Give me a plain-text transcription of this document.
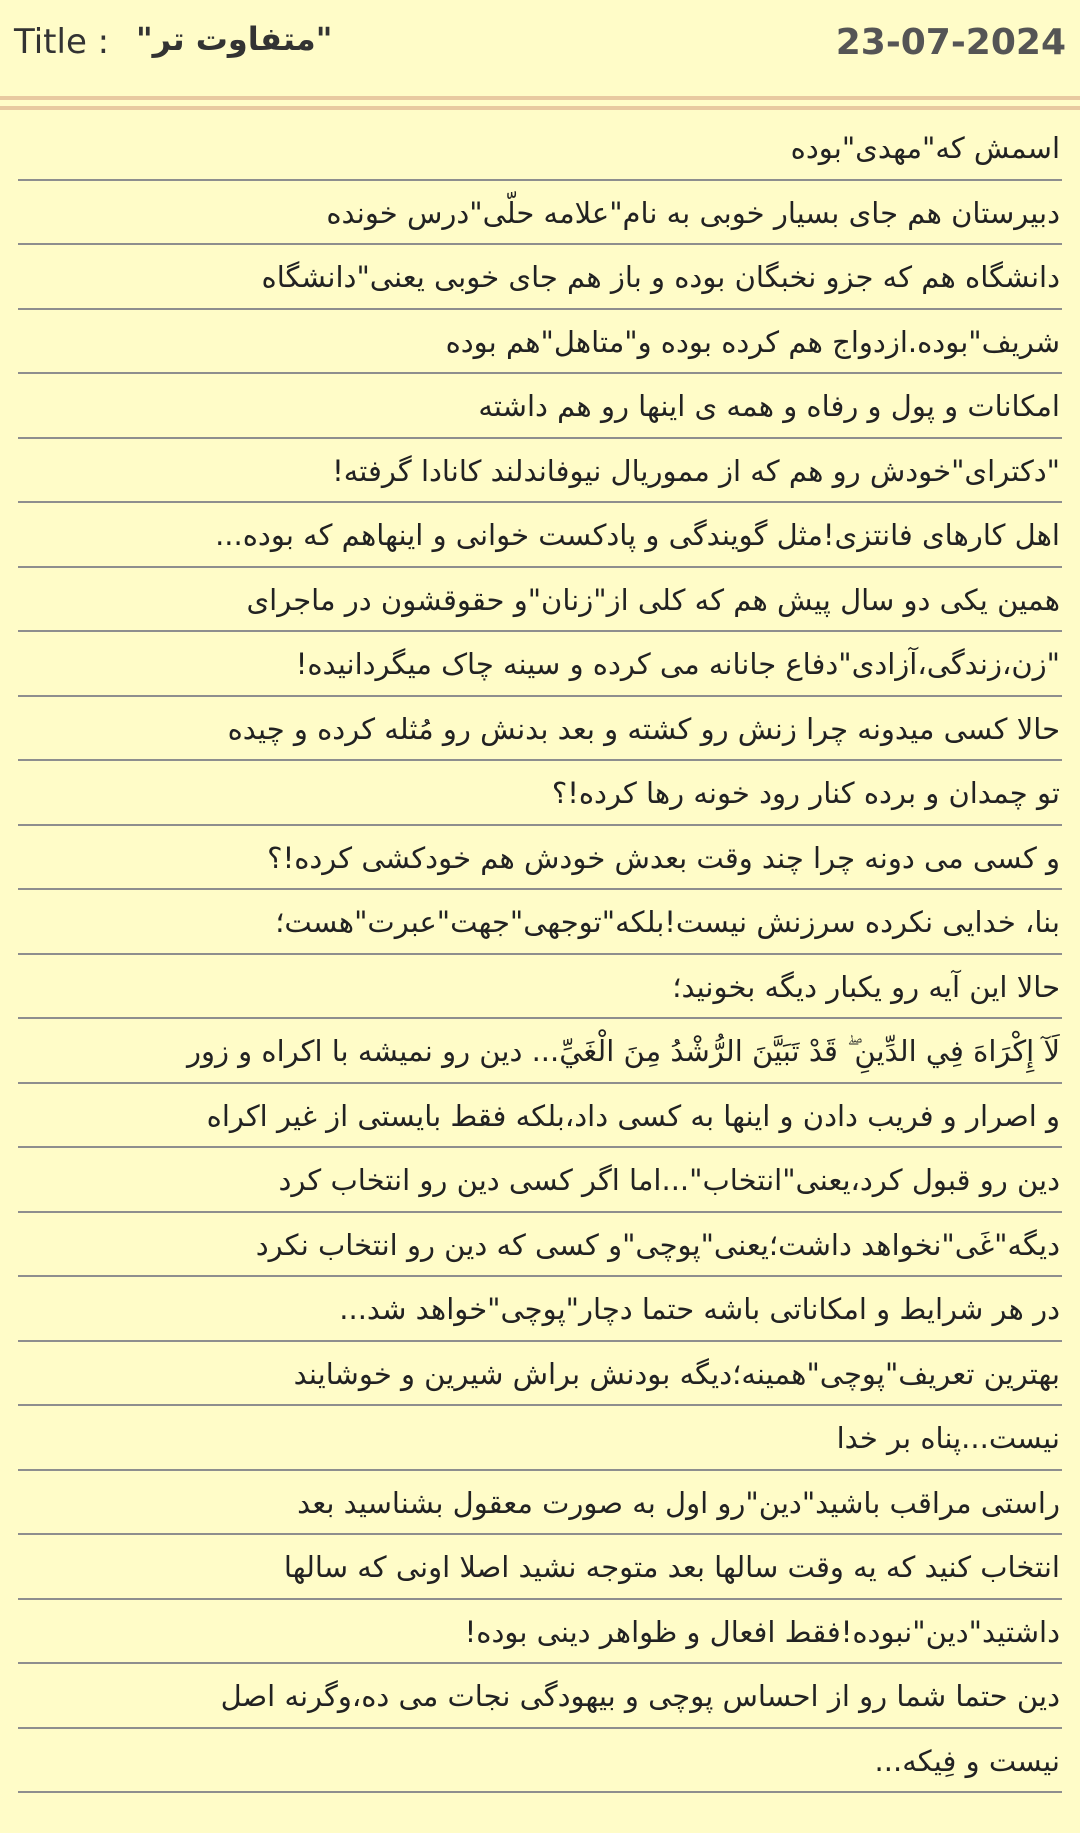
Title : "متفاوت تر"	23-07-2024
اسمش که"مهدی"بوده
دبیرستان هم جای بسیار خوبی به نام"علامه حلّی"درس خونده
دانشگاه هم که جزو نخبگان بوده و باز هم جای خوبی یعنی"دانشگاه
شریف"بوده.ازدواج هم کرده بوده و"متاهل"هم بوده
امکانات و پول و رفاه و همه ی اینها رو هم داشته
"دکترای"خودش رو هم که از مموریال نیوفاندلند کانادا گرفته!
اهل کارهای فانتزی!مثل گویندگی و پادکست خوانی و اینهاهم که بوده...
همین یکی دو سال پیش هم که کلی از"زنان"و حقوقشون در ماجرای
"زن،زندگی،آزادی"دفاع جانانه می کرده و سینه چاک میگردانیده!
حالا کسی میدونه چرا زنش رو کشته و بعد بدنش رو مُثله کرده و چیده
تو چمدان و برده کنار رود خونه رها کرده!؟
و کسی می دونه چرا چند وقت بعدش خودش هم خودکشی کرده!؟
بنا، خدایی نکرده سرزنش نیست!بلکه"توجهی"جهت"عبرت"هست؛
حالا این آیه رو یکبار دیگه بخونید؛
لَآ إِكْرَاهَ فِي الدِّينِ ۖ قَدْ تَبَيَّنَ الرُّشْدُ مِنَ الْغَيِّ... دین رو نمیشه با اکراه و زور
و اصرار و فریب دادن و اینها به کسی داد،بلکه فقط بایستی از غیر اکراه
دین رو قبول کرد،یعنی"انتخاب"...اما اگر کسی دین رو انتخاب کرد
دیگه"غَی"نخواهد داشت؛یعنی"پوچی"و کسی که دین رو انتخاب نکرد
در هر شرایط و امکاناتی باشه حتما دچار"پوچی"خواهد شد...
بهترین تعریف"پوچی"همینه؛دیگه بودنش براش شیرین و خوشایند
نیست...پناه بر خدا
راستی مراقب باشید"دین"رو اول به صورت معقول بشناسید بعد
انتخاب کنید که یه وقت سالها بعد متوجه نشید اصلا اونی که سالها
داشتید"دین"نبوده!فقط افعال و ظواهر دینی بوده!
دین حتما شما رو از احساس پوچی و بیهودگی نجات می ده،وگرنه اصل
نیست و فِیکه...
